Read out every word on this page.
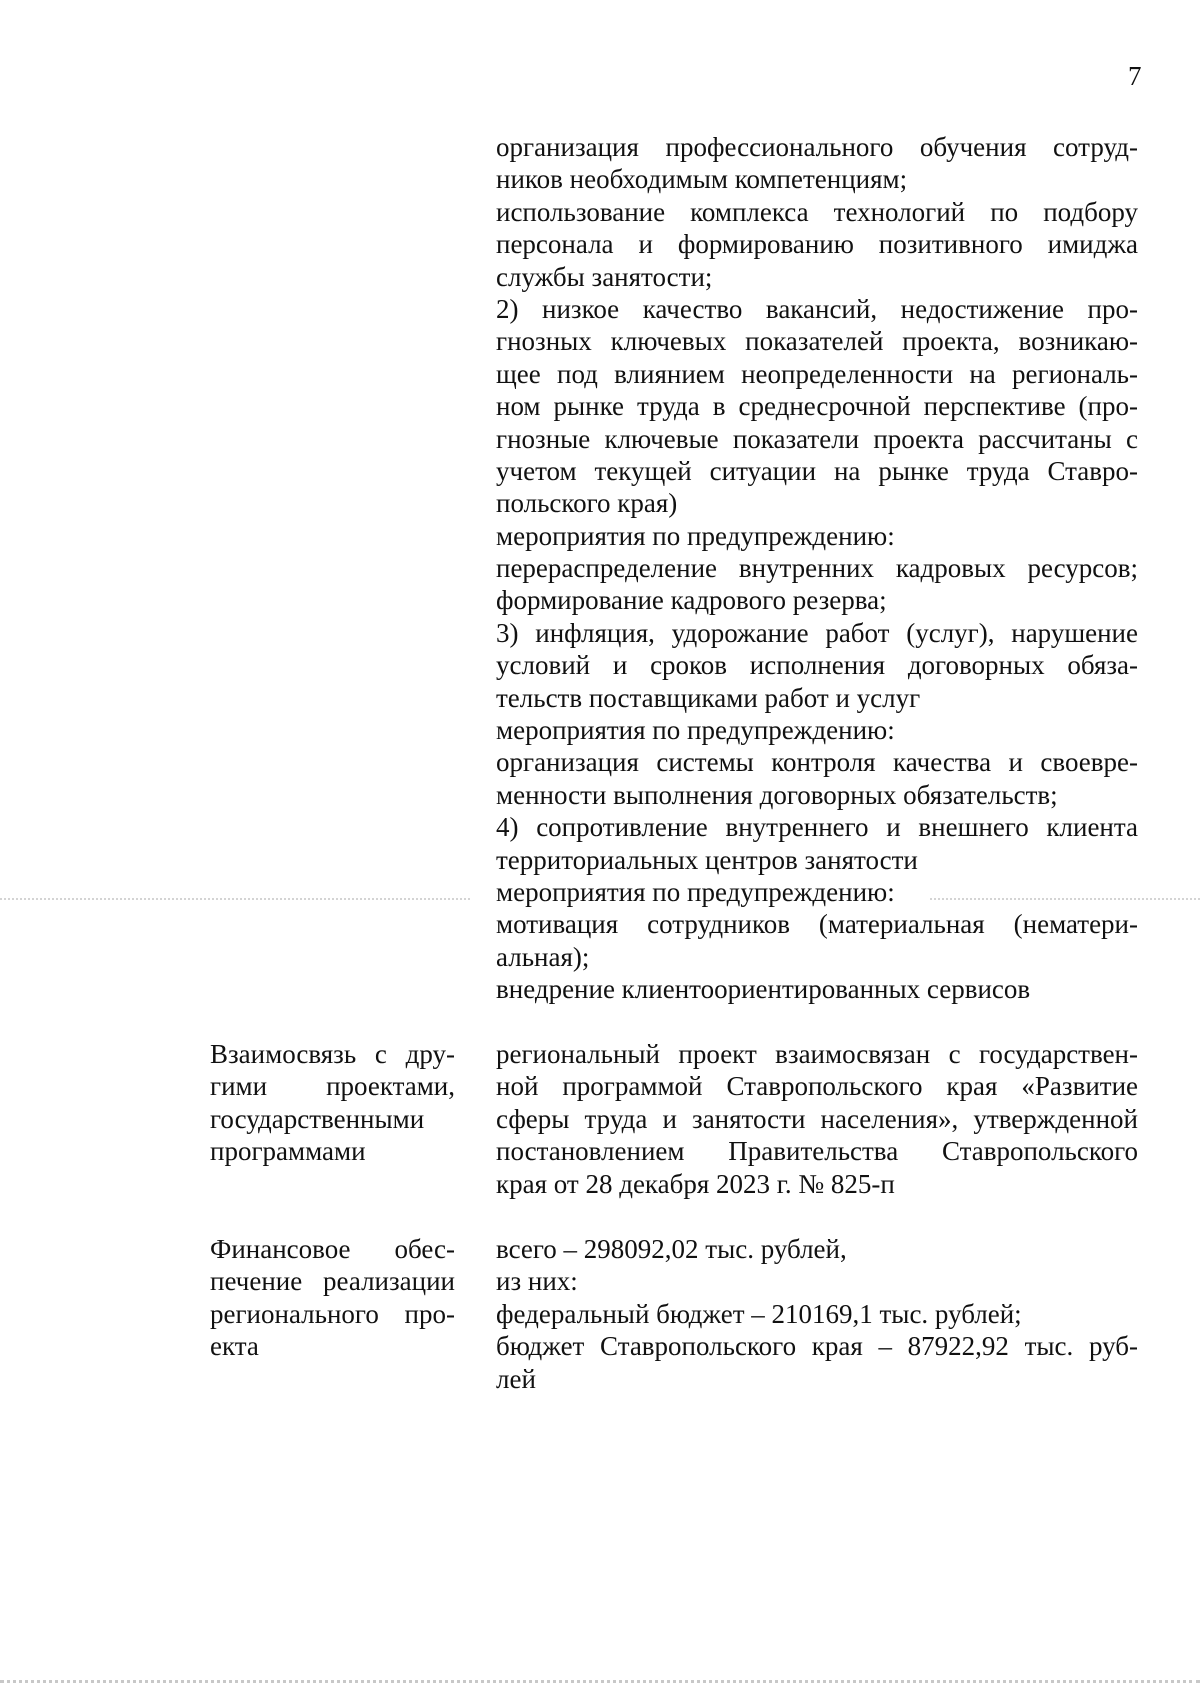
7
организация профессионального обучения сотруд-
ников необходимым компетенциям;
использование комплекса технологий по подбору
персонала и формированию позитивного имиджа
службы занятости;
2) низкое качество вакансий, недостижение про-
гнозных ключевых показателей проекта, возникаю-
щее под влиянием неопределенности на региональ-
ном рынке труда в среднесрочной перспективе (про-
гнозные ключевые показатели проекта рассчитаны с
учетом текущей ситуации на рынке труда Ставро-
польского края)
мероприятия по предупреждению:
перераспределение внутренних кадровых ресурсов;
формирование кадрового резерва;
3) инфляция, удорожание работ (услуг), нарушение
условий и сроков исполнения договорных обяза-
тельств поставщиками работ и услуг
мероприятия по предупреждению:
организация системы контроля качества и своевре-
менности выполнения договорных обязательств;
4) сопротивление внутреннего и внешнего клиента
территориальных центров занятости
мероприятия по предупреждению:
мотивация сотрудников (материальная (нематери-
альная);
внедрение клиентоориентированных сервисов
Взаимосвязь с дру-
гими проектами,
государственными
программами
региональный проект взаимосвязан с государствен-
ной программой Ставропольского края «Развитие
сферы труда и занятости населения», утвержденной
постановлением Правительства Ставропольского
края от 28 декабря 2023 г. № 825-п
Финансовое обес-
печение реализации
регионального про-
екта
всего – 298092,02 тыс. рублей,
из них:
федеральный бюджет – 210169,1 тыс. рублей;
бюджет Ставропольского края – 87922,92 тыс. руб-
лей
